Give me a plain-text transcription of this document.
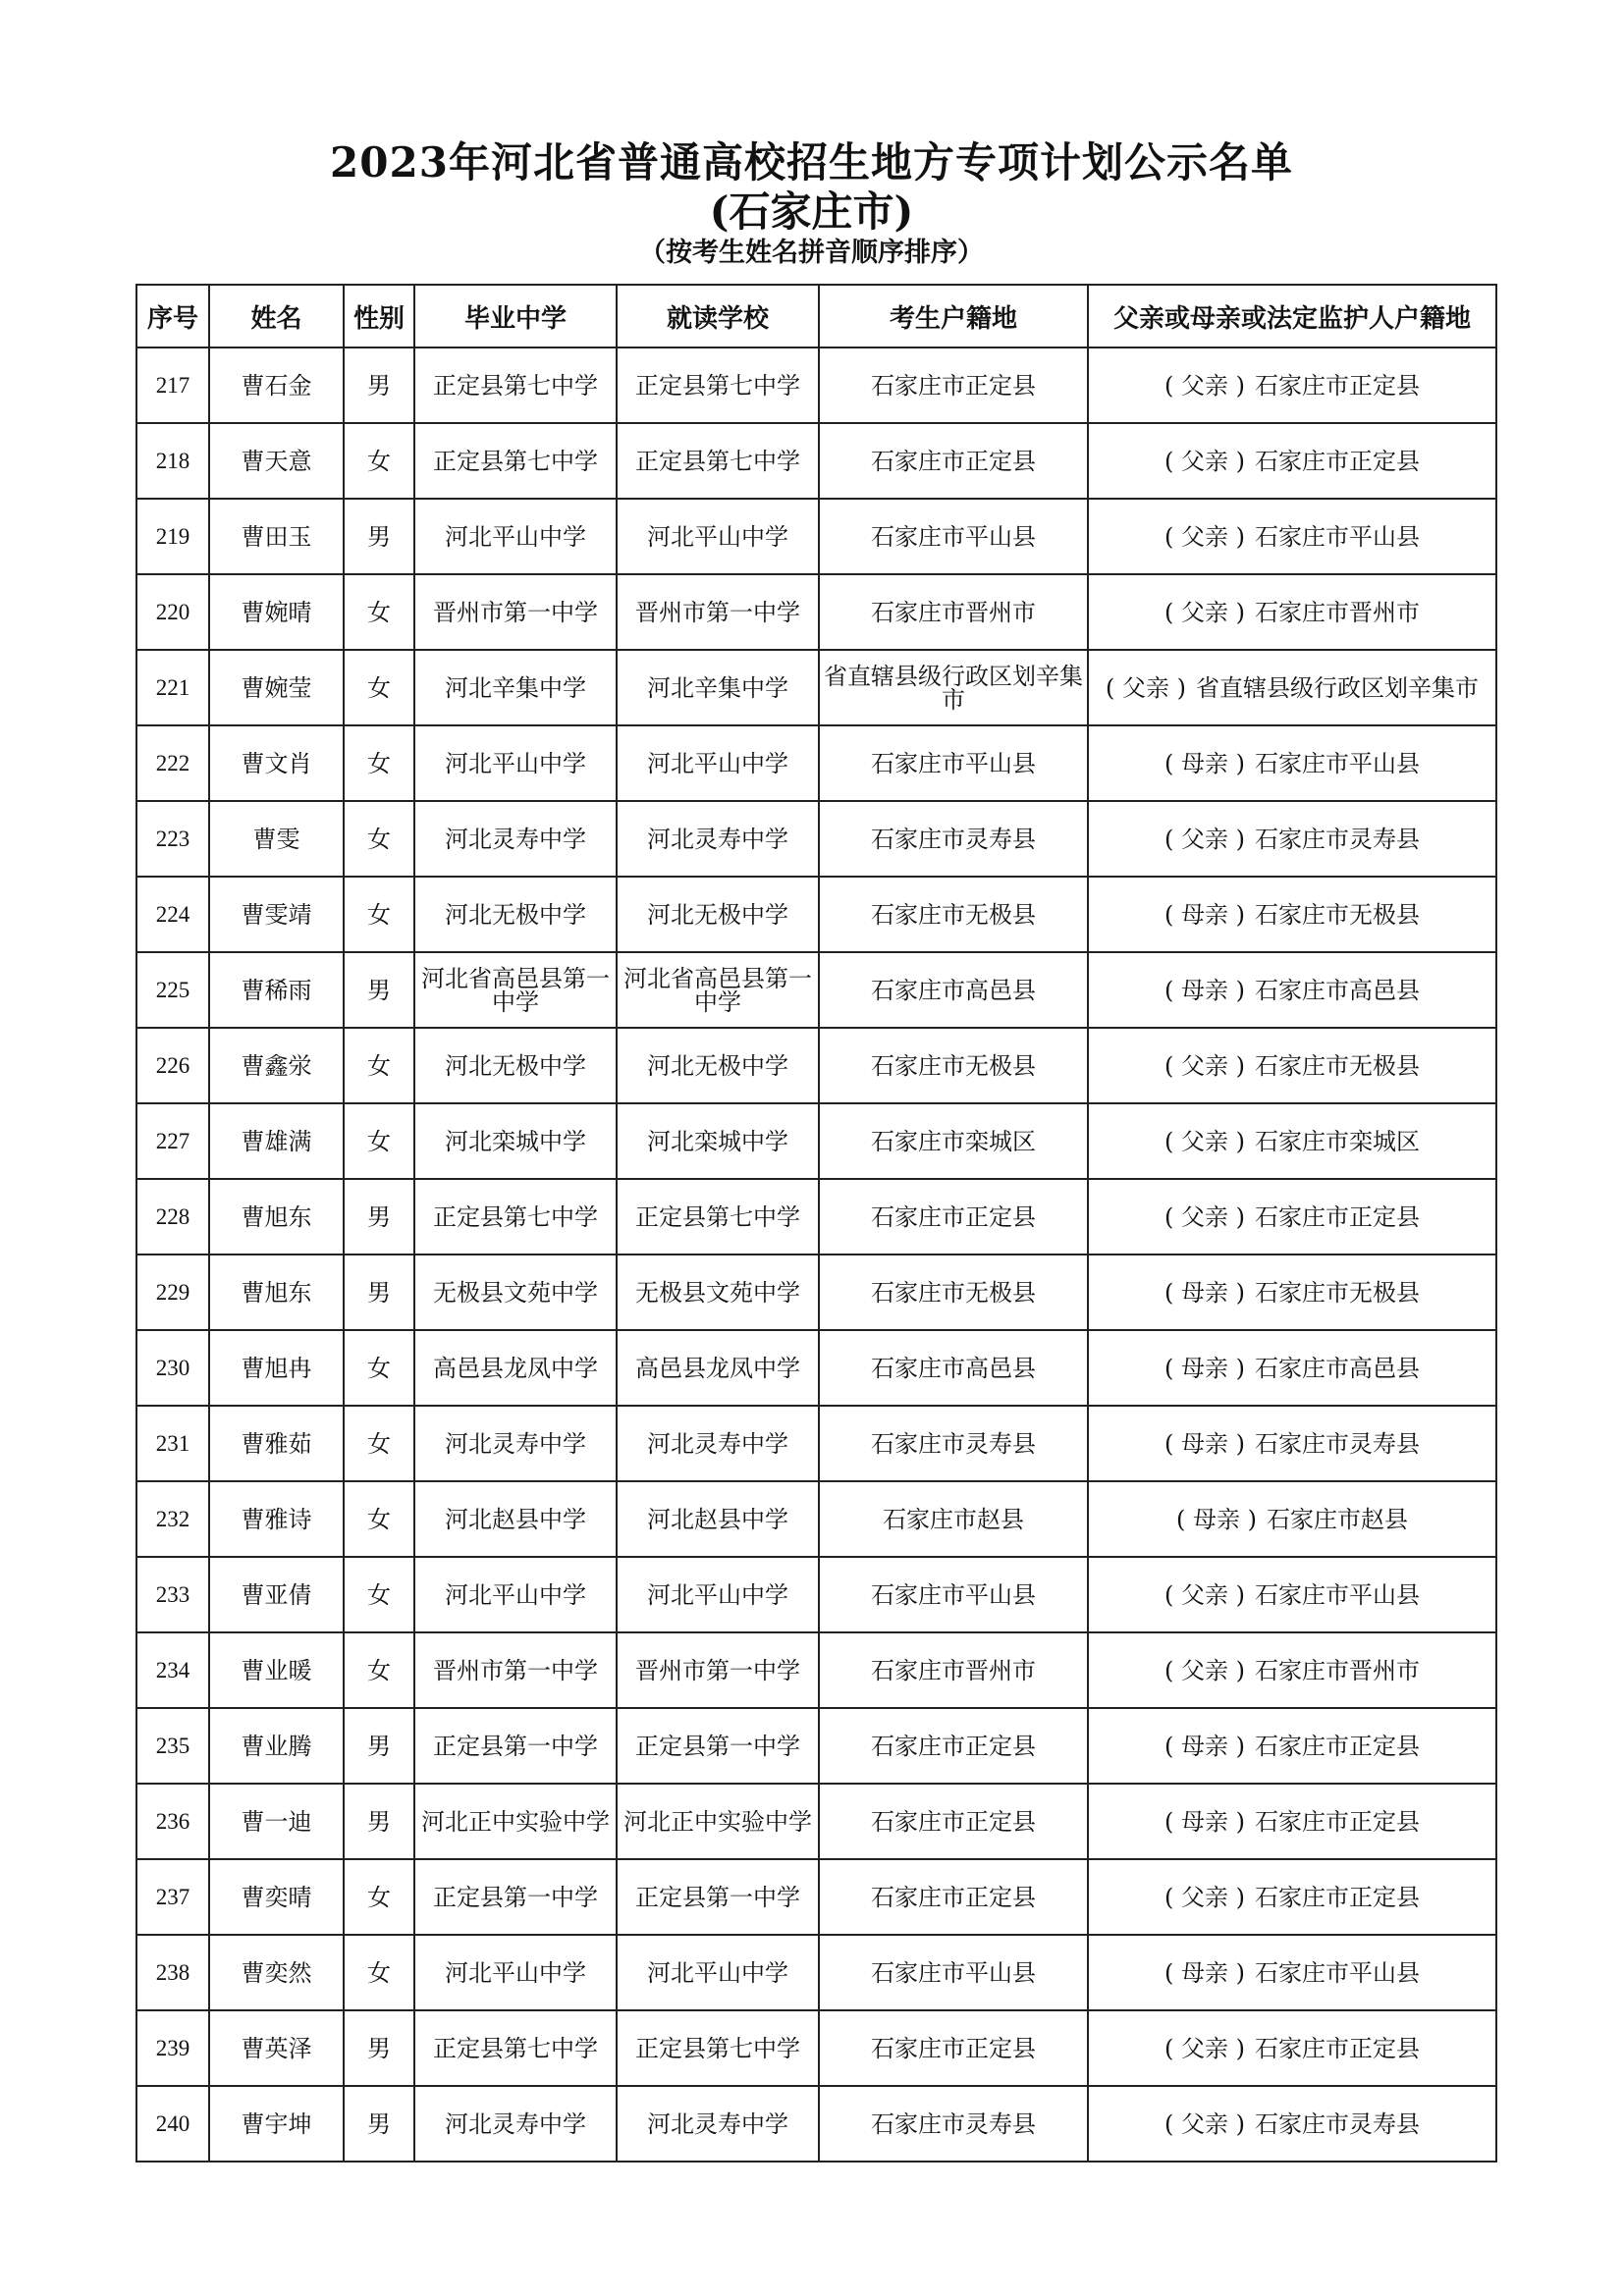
2023年河北省普通高校招生地方专项计划公示名单
(石家庄市)
（按考生姓名拼音顺序排序）
序号	姓名	性别	毕业中学	就读学校	考生户籍地	父亲或母亲或法定监护人户籍地
217	曹石金	男	正定县第七中学	正定县第七中学	石家庄市正定县	( 父亲 ) 石家庄市正定县
218	曹天意	女	正定县第七中学	正定县第七中学	石家庄市正定县	( 父亲 ) 石家庄市正定县
219	曹田玉	男	河北平山中学	河北平山中学	石家庄市平山县	( 父亲 ) 石家庄市平山县
220	曹婉晴	女	晋州市第一中学	晋州市第一中学	石家庄市晋州市	( 父亲 ) 石家庄市晋州市
221	曹婉莹	女	河北辛集中学	河北辛集中学	省直辖县级行政区划辛集市	( 父亲 ) 省直辖县级行政区划辛集市
222	曹文肖	女	河北平山中学	河北平山中学	石家庄市平山县	( 母亲 ) 石家庄市平山县
223	曹雯	女	河北灵寿中学	河北灵寿中学	石家庄市灵寿县	( 父亲 ) 石家庄市灵寿县
224	曹雯靖	女	河北无极中学	河北无极中学	石家庄市无极县	( 母亲 ) 石家庄市无极县
225	曹稀雨	男	河北省高邑县第一中学	河北省高邑县第一中学	石家庄市高邑县	( 母亲 ) 石家庄市高邑县
226	曹鑫泶	女	河北无极中学	河北无极中学	石家庄市无极县	( 父亲 ) 石家庄市无极县
227	曹雄满	女	河北栾城中学	河北栾城中学	石家庄市栾城区	( 父亲 ) 石家庄市栾城区
228	曹旭东	男	正定县第七中学	正定县第七中学	石家庄市正定县	( 父亲 ) 石家庄市正定县
229	曹旭东	男	无极县文苑中学	无极县文苑中学	石家庄市无极县	( 母亲 ) 石家庄市无极县
230	曹旭冉	女	高邑县龙凤中学	高邑县龙凤中学	石家庄市高邑县	( 母亲 ) 石家庄市高邑县
231	曹雅茹	女	河北灵寿中学	河北灵寿中学	石家庄市灵寿县	( 母亲 ) 石家庄市灵寿县
232	曹雅诗	女	河北赵县中学	河北赵县中学	石家庄市赵县	( 母亲 ) 石家庄市赵县
233	曹亚倩	女	河北平山中学	河北平山中学	石家庄市平山县	( 父亲 ) 石家庄市平山县
234	曹业暖	女	晋州市第一中学	晋州市第一中学	石家庄市晋州市	( 父亲 ) 石家庄市晋州市
235	曹业腾	男	正定县第一中学	正定县第一中学	石家庄市正定县	( 母亲 ) 石家庄市正定县
236	曹一迪	男	河北正中实验中学	河北正中实验中学	石家庄市正定县	( 母亲 ) 石家庄市正定县
237	曹奕晴	女	正定县第一中学	正定县第一中学	石家庄市正定县	( 父亲 ) 石家庄市正定县
238	曹奕然	女	河北平山中学	河北平山中学	石家庄市平山县	( 母亲 ) 石家庄市平山县
239	曹英泽	男	正定县第七中学	正定县第七中学	石家庄市正定县	( 父亲 ) 石家庄市正定县
240	曹宇坤	男	河北灵寿中学	河北灵寿中学	石家庄市灵寿县	( 父亲 ) 石家庄市灵寿县
